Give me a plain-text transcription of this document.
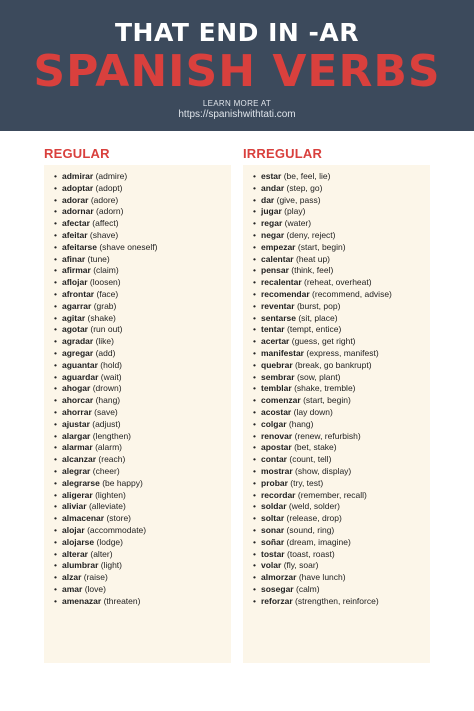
THAT END IN -AR
SPANISH VERBS
LEARN MORE AT
https://spanishwithtati.com
REGULAR
• admirar (admire)
• adoptar (adopt)
• adorar (adore)
• adornar (adorn)
• afectar (affect)
• afeitar (shave)
• afeitarse (shave oneself)
• afinar (tune)
• afirmar (claim)
• aflojar (loosen)
• afrontar (face)
• agarrar (grab)
• agitar (shake)
• agotar (run out)
• agradar (like)
• agregar (add)
• aguantar (hold)
• aguardar (wait)
• ahogar (drown)
• ahorcar (hang)
• ahorrar (save)
• ajustar (adjust)
• alargar (lengthen)
• alarmar (alarm)
• alcanzar (reach)
• alegrar (cheer)
• alegrarse (be happy)
• aligerar (lighten)
• aliviar (alleviate)
• almacenar (store)
• alojar (accommodate)
• alojarse (lodge)
• alterar (alter)
• alumbrar (light)
• alzar (raise)
• amar (love)
• amenazar (threaten)
IRREGULAR
• estar (be, feel, lie)
• andar (step, go)
• dar (give, pass)
• jugar (play)
• regar (water)
• negar (deny, reject)
• empezar (start, begin)
• calentar (heat up)
• pensar (think, feel)
• recalentar (reheat, overheat)
• recomendar (recommend, advise)
• reventar (burst, pop)
• sentarse (sit, place)
• tentar (tempt, entice)
• acertar (guess, get right)
• manifestar (express, manifest)
• quebrar (break, go bankrupt)
• sembrar (sow, plant)
• temblar (shake, tremble)
• comenzar (start, begin)
• acostar (lay down)
• colgar (hang)
• renovar (renew, refurbish)
• apostar (bet, stake)
• contar (count, tell)
• mostrar (show, display)
• probar (try, test)
• recordar (remember, recall)
• soldar (weld, solder)
• soltar (release, drop)
• sonar (sound, ring)
• soñar (dream, imagine)
• tostar (toast, roast)
• volar (fly, soar)
• almorzar (have lunch)
• sosegar (calm)
• reforzar (strengthen, reinforce)
